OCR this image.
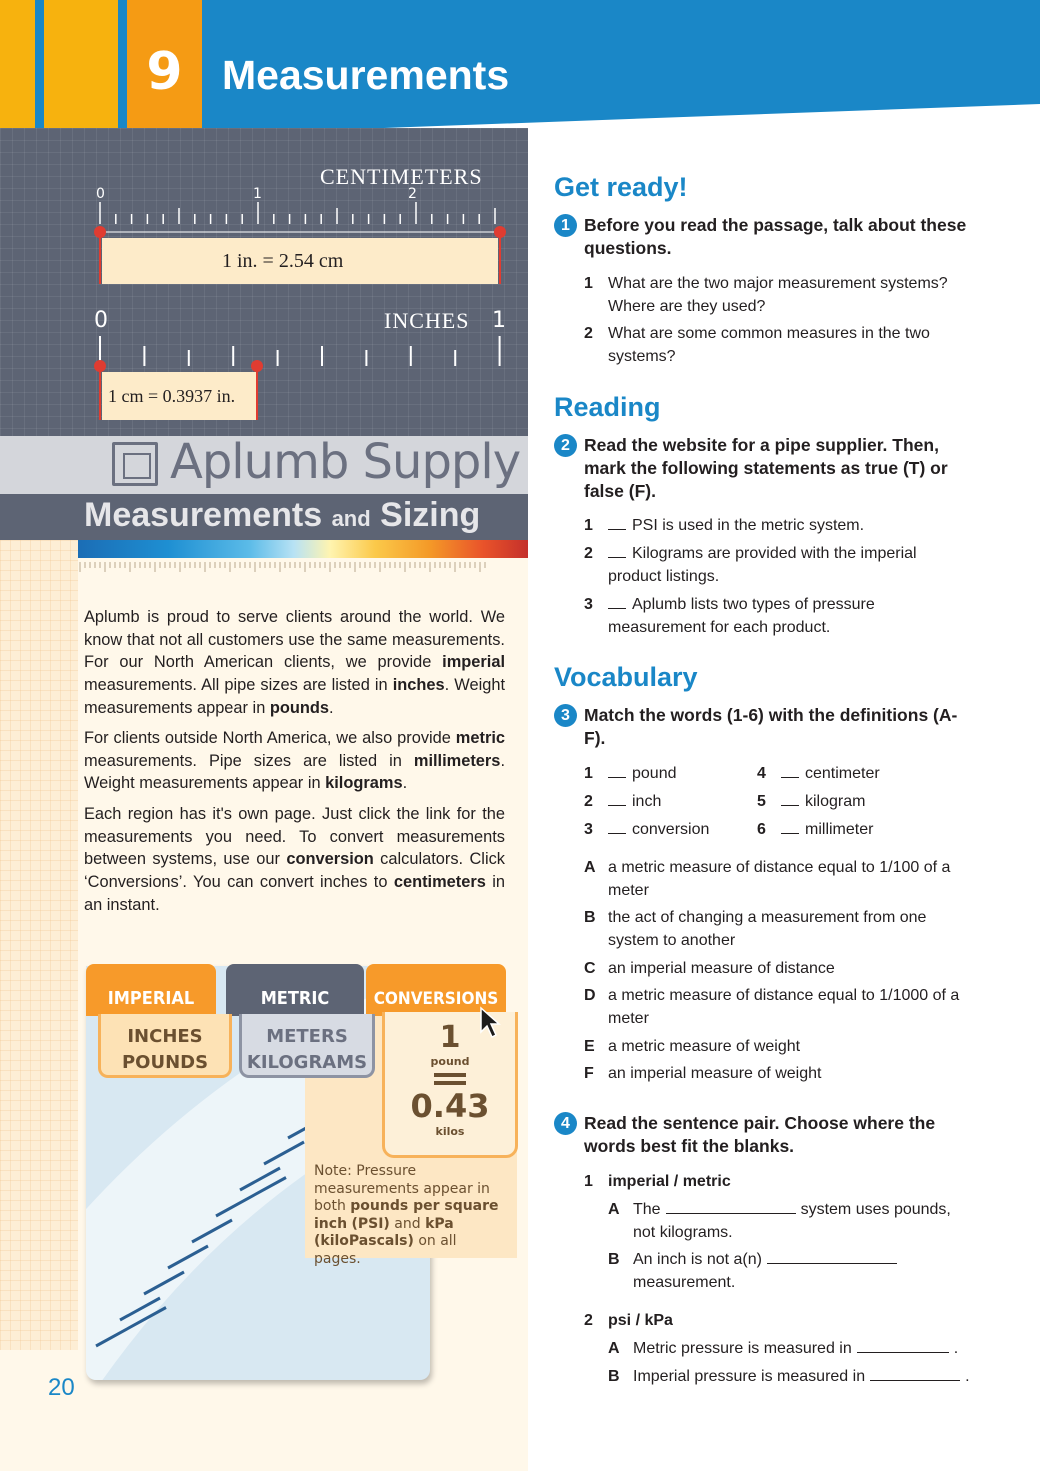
9 Measurements
CENTIMETERS
0	1	2
1 in. = 2.54 cm
0	INCHES 1
1 cm = 0.3937 in.
Aplumb Supply
Measurements and Sizing
Aplumb is proud to serve clients around the world. We know that not all customers use the same measurements. For our North American clients, we provide imperial measurements. All pipe sizes are listed in inches. Weight measurements appear in pounds.
For clients outside North America, we also provide metric measurements. Pipe sizes are listed in millimeters. Weight measurements appear in kilograms.
Each region has it's own page. Just click the link for the measurements you need. To convert measurements between systems, use our conversion calculators. Click ‘Conversions’. You can convert inches to centimeters in an instant.
IMPERIAL	METRIC	CONVERSIONS
INCHES
POUNDS
METERS
KILOGRAMS
1
pound
0.43
kilos
Note: Pressure measurements appear in both pounds per square inch (PSI) and kPa (kiloPascals) on all pages.
20
Get ready!
1 Before you read the passage, talk about these questions.
1 What are the two major measurement systems? Where are they used?
2 What are some common measures in the two systems?
Reading
2 Read the website for a pipe supplier. Then, mark the following statements as true (T) or false (F).
1	PSI is used in the metric system.
2	Kilograms are provided with the imperial product listings.
3	Aplumb lists two types of pressure measurement for each product.
Vocabulary
3 Match the words (1-6) with the definitions (A-F).
1	pound
2	inch
3	conversion
4	centimeter
5	kilogram
6	millimeter
A a metric measure of distance equal to 1/100 of a meter
B the act of changing a measurement from one system to another
C an imperial measure of distance
D a metric measure of distance equal to 1/1000 of a meter
E a metric measure of weight
F an imperial measure of weight
4 Read the sentence pair. Choose where the words best fit the blanks.
1 imperial / metric
A The	system uses pounds, not kilograms.
B An inch is not a(n)measurement.
2 psi / kPa
A Metric pressure is measured in	.
B Imperial pressure is measured in	.
